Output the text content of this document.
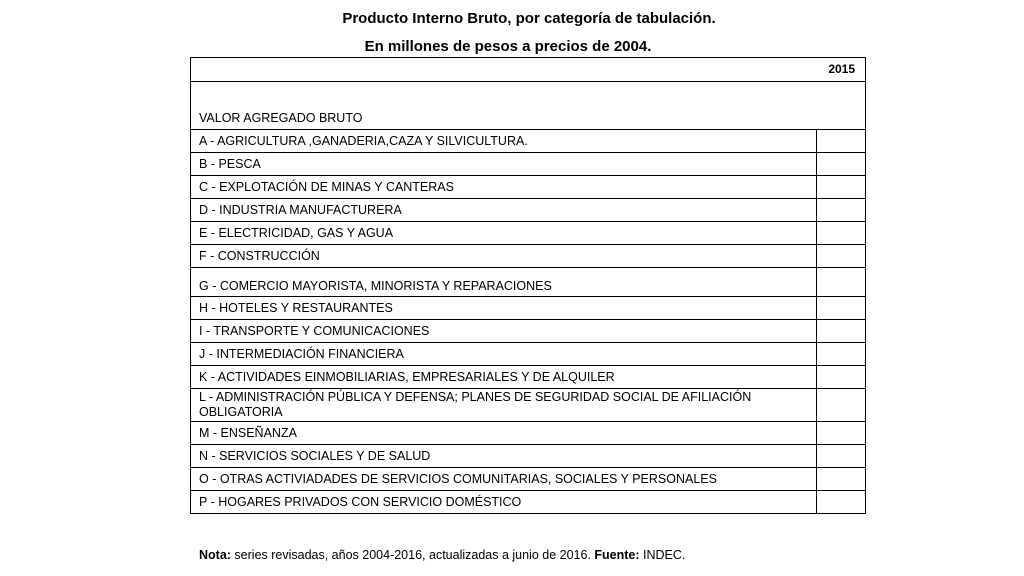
Producto Interno Bruto, por categoría de tabulación.
En millones de pesos a precios de 2004.
2015	
VALOR AGREGADO BRUTO	
A - AGRICULTURA ,GANADERIA,CAZA Y SILVICULTURA.	
B - PESCA	
C - EXPLOTACIÓN DE MINAS Y CANTERAS	
D - INDUSTRIA MANUFACTURERA	
E - ELECTRICIDAD, GAS Y AGUA	
F - CONSTRUCCIÓN	
G - COMERCIO MAYORISTA, MINORISTA Y REPARACIONES	
H - HOTELES Y RESTAURANTES	
I - TRANSPORTE Y COMUNICACIONES	
J - INTERMEDIACIÓN FINANCIERA	
K - ACTIVIDADES EINMOBILIARIAS, EMPRESARIALES Y DE ALQUILER	
L - ADMINISTRACIÓN PÚBLICA Y DEFENSA; PLANES DE SEGURIDAD SOCIAL DE AFILIACIÓN OBLIGATORIA	
M - ENSEÑANZA	
N - SERVICIOS SOCIALES Y DE SALUD	
O - OTRAS ACTIVIADADES DE SERVICIOS COMUNITARIAS, SOCIALES Y PERSONALES	
P - HOGARES PRIVADOS CON SERVICIO DOMÉSTICO	
Nota: series revisadas, años 2004-2016, actualizadas a junio de 2016. Fuente: INDEC.
